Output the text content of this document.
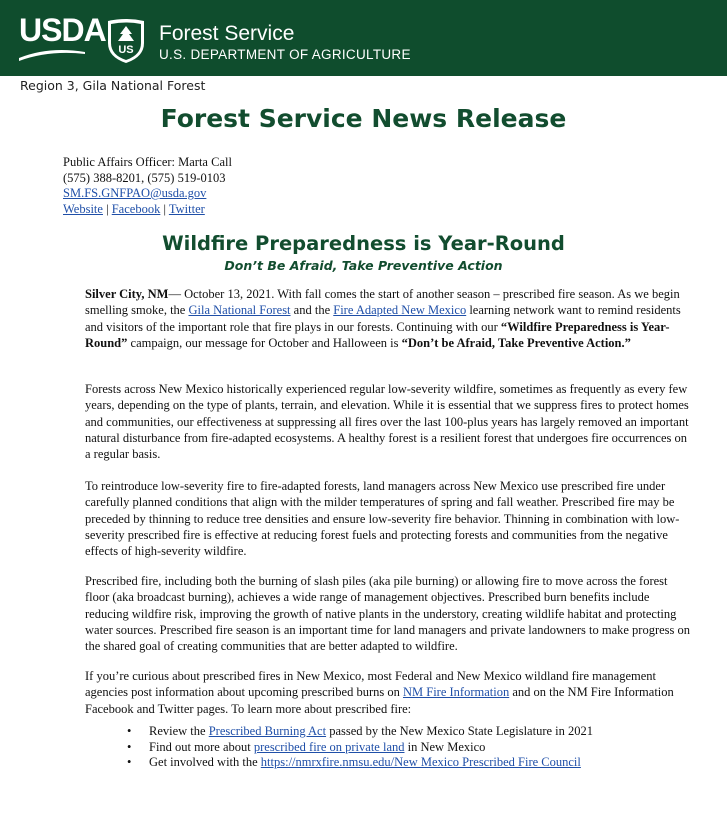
USDA
US
Forest Service
U.S. DEPARTMENT OF AGRICULTURE
Region 3, Gila National Forest
Forest Service News Release
Public Affairs Officer: Marta Call
(575) 388-8201, (575) 519-0103
SM.FS.GNFPAO@usda.gov
Website | Facebook | Twitter
Wildfire Preparedness is Year-Round
Don’t Be Afraid, Take Preventive Action

Silver City, NM— October 13, 2021. With fall comes the start of another season – prescribed fire season. As we begin smelling smoke, the Gila National Forest and the Fire Adapted New Mexico learning network want to remind residents and visitors of the important role that fire plays in our forests. Continuing with our “Wildfire Preparedness is Year-Round” campaign, our message for October and Halloween is “Don’t be Afraid, Take Preventive Action.”

Forests across New Mexico historically experienced regular low-severity wildfire, sometimes as frequently as every few years, depending on the type of plants, terrain, and elevation. While it is essential that we suppress fires to protect homes and communities, our effectiveness at suppressing all fires over the last 100-plus years has largely removed an important natural disturbance from fire-adapted ecosystems. A healthy forest is a resilient forest that undergoes fire occurrences on a regular basis.

To reintroduce low-severity fire to fire-adapted forests, land managers across New Mexico use prescribed fire under carefully planned conditions that align with the milder temperatures of spring and fall weather. Prescribed fire may be preceded by thinning to reduce tree densities and ensure low-severity fire behavior. Thinning in combination with low-severity prescribed fire is effective at reducing forest fuels and protecting forests and communities from the negative effects of high-severity wildfire.

Prescribed fire, including both the burning of slash piles (aka pile burning) or allowing fire to move across the forest floor (aka broadcast burning), achieves a wide range of management objectives. Prescribed burn benefits include reducing wildfire risk, improving the growth of native plants in the understory, creating wildlife habitat and protecting water sources. Prescribed fire season is an important time for land managers and private landowners to make progress on the shared goal of creating communities that are better adapted to wildfire.

If you’re curious about prescribed fires in New Mexico, most Federal and New Mexico wildland fire management agencies post information about upcoming prescribed burns on NM Fire Information and on the NM Fire Information Facebook and Twitter pages. To learn more about prescribed fire:

• Review the Prescribed Burning Act passed by the New Mexico State Legislature in 2021
• Find out more about prescribed fire on private land in New Mexico
• Get involved with the https://nmrxfire.nmsu.edu/New Mexico Prescribed Fire Council
